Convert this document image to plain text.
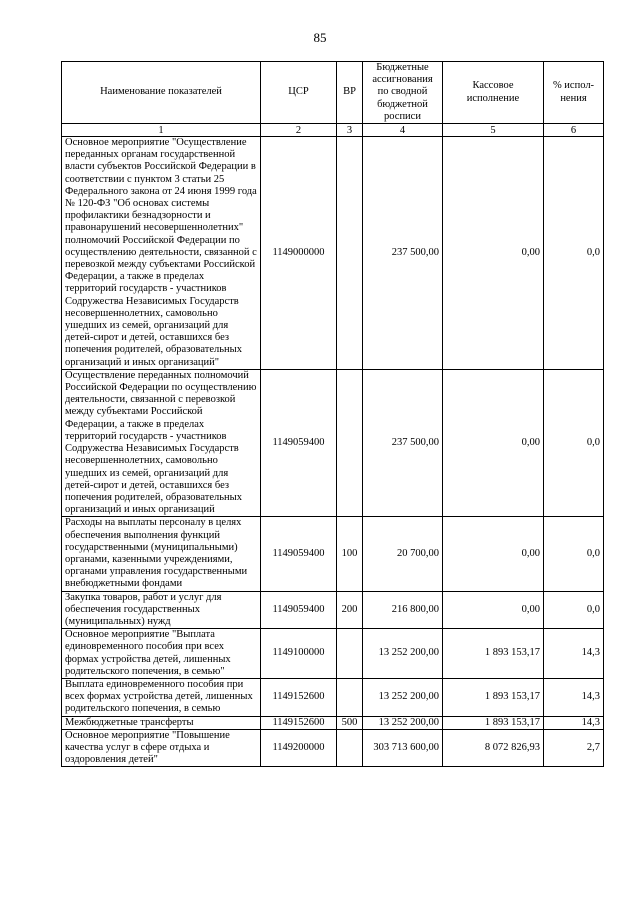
85
Наименование показателей	ЦСР	ВР	Бюджетные ассигнования по сводной бюджетной росписи	Кассовое исполнение	% испол-нения
1	2	3	4	5	6
Основное мероприятие "Осуществление переданных органам государственной власти субъектов Российской Федерации в соответствии с пунктом 3 статьи 25 Федерального закона от 24 июня 1999 года № 120-ФЗ "Об основах системы профилактики безнадзорности и правонарушений несовершеннолетних" полномочий Российской Федерации по осуществлению деятельности, связанной с перевозкой между субъектами Российской Федерации, а также в пределах территорий государств - участников Содружества Независимых Государств несовершеннолетних, самовольно ушедших из семей, организаций для детей-сирот и детей, оставшихся без попечения родителей, образовательных организаций и иных организаций"	1149000000		237 500,00	0,00	0,0
Осуществление переданных полномочий Российской Федерации по осуществлению деятельности, связанной с перевозкой между субъектами Российской Федерации, а также в пределах территорий государств - участников Содружества Независимых Государств несовершеннолетних, самовольно ушедших из семей, организаций для детей-сирот и детей, оставшихся без попечения родителей, образовательных организаций и иных организаций	1149059400		237 500,00	0,00	0,0
Расходы на выплаты персоналу в целях обеспечения выполнения функций государственными (муниципальными) органами, казенными учреждениями, органами управления государственными внебюджетными фондами	1149059400	100	20 700,00	0,00	0,0
Закупка товаров, работ и услуг для обеспечения государственных (муниципальных) нужд	1149059400	200	216 800,00	0,00	0,0
Основное мероприятие "Выплата единовременного пособия при всех формах устройства детей, лишенных родительского попечения, в семью"	1149100000		13 252 200,00	1 893 153,17	14,3
Выплата единовременного пособия при всех формах устройства детей, лишенных родительского попечения, в семью	1149152600		13 252 200,00	1 893 153,17	14,3
Межбюджетные трансферты	1149152600	500	13 252 200,00	1 893 153,17	14,3
Основное мероприятие "Повышение качества услуг в сфере отдыха и оздоровления детей"	1149200000		303 713 600,00	8 072 826,93	2,7
